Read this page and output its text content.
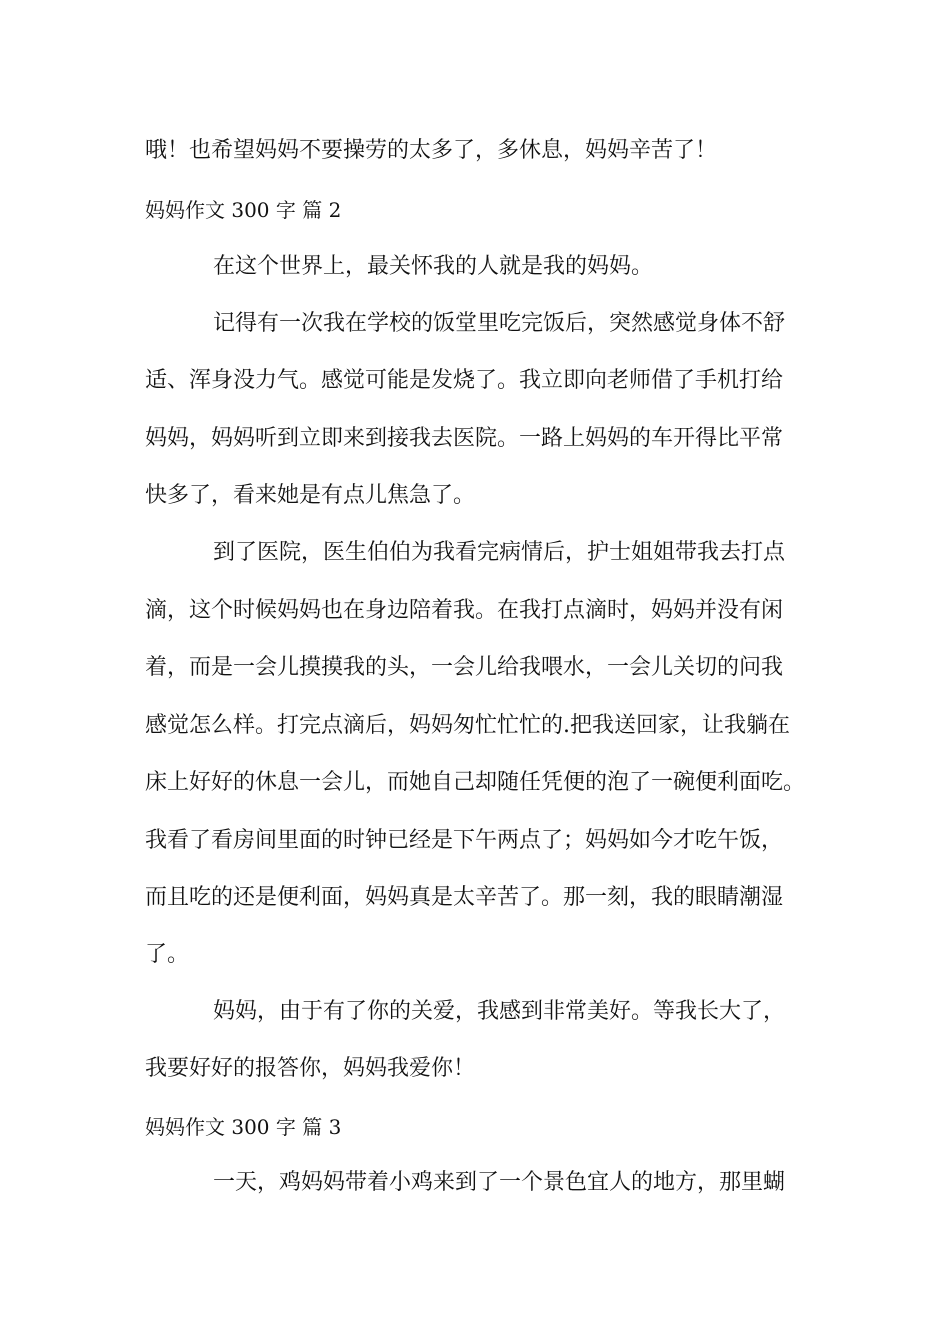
哦！也希望妈妈不要操劳的太多了，多休息，妈妈辛苦了！
妈妈作文 300 字 篇 2
在这个世界上，最关怀我的人就是我的妈妈。
记得有一次我在学校的饭堂里吃完饭后，突然感觉身体不舒
适、浑身没力气。感觉可能是发烧了。我立即向老师借了手机打给
妈妈，妈妈听到立即来到接我去医院。一路上妈妈的车开得比平常
快多了，看来她是有点儿焦急了。
到了医院，医生伯伯为我看完病情后，护士姐姐带我去打点
滴，这个时候妈妈也在身边陪着我。在我打点滴时，妈妈并没有闲
着，而是一会儿摸摸我的头，一会儿给我喂水，一会儿关切的问我
感觉怎么样。打完点滴后，妈妈匆忙忙忙的.把我送回家，让我躺在
床上好好的休息一会儿，而她自己却随任凭便的泡了一碗便利面吃。
我看了看房间里面的时钟已经是下午两点了；妈妈如今才吃午饭，
而且吃的还是便利面，妈妈真是太辛苦了。那一刻，我的眼睛潮湿
了。
妈妈，由于有了你的关爱，我感到非常美好。等我长大了，
我要好好的报答你，妈妈我爱你！
妈妈作文 300 字 篇 3
一天，鸡妈妈带着小鸡来到了一个景色宜人的地方，那里蝴
